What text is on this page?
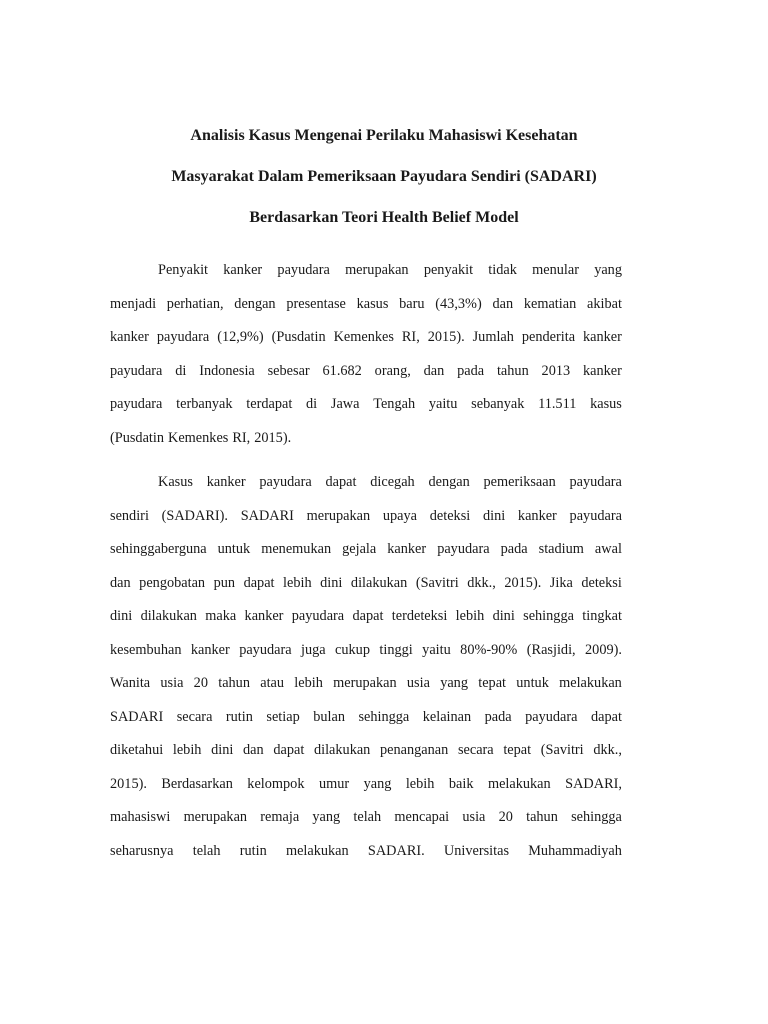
Analisis Kasus Mengenai Perilaku Mahasiswi Kesehatan
Masyarakat Dalam Pemeriksaan Payudara Sendiri (SADARI)
Berdasarkan Teori Health Belief Model
Penyakit kanker payudara merupakan penyakit tidak menular yang
menjadi perhatian, dengan presentase kasus baru (43,3%) dan kematian akibat
kanker payudara (12,9%) (Pusdatin Kemenkes RI, 2015). Jumlah penderita kanker
payudara di Indonesia sebesar 61.682 orang, dan pada tahun 2013 kanker
payudara terbanyak terdapat di Jawa Tengah yaitu sebanyak 11.511 kasus
(Pusdatin Kemenkes RI, 2015).
Kasus kanker payudara dapat dicegah dengan pemeriksaan payudara
sendiri (SADARI). SADARI merupakan upaya deteksi dini kanker payudara
sehinggaberguna untuk menemukan gejala kanker payudara pada stadium awal
dan pengobatan pun dapat lebih dini dilakukan (Savitri dkk., 2015). Jika deteksi
dini dilakukan maka kanker payudara dapat terdeteksi lebih dini sehingga tingkat
kesembuhan kanker payudara juga cukup tinggi yaitu 80%-90% (Rasjidi, 2009).
Wanita usia 20 tahun atau lebih merupakan usia yang tepat untuk melakukan
SADARI secara rutin setiap bulan sehingga kelainan pada payudara dapat
diketahui lebih dini dan dapat dilakukan penanganan secara tepat (Savitri dkk.,
2015). Berdasarkan kelompok umur yang lebih baik melakukan SADARI,
mahasiswi merupakan remaja yang telah mencapai usia 20 tahun sehingga
seharusnya telah rutin melakukan SADARI. Universitas Muhammadiyah
